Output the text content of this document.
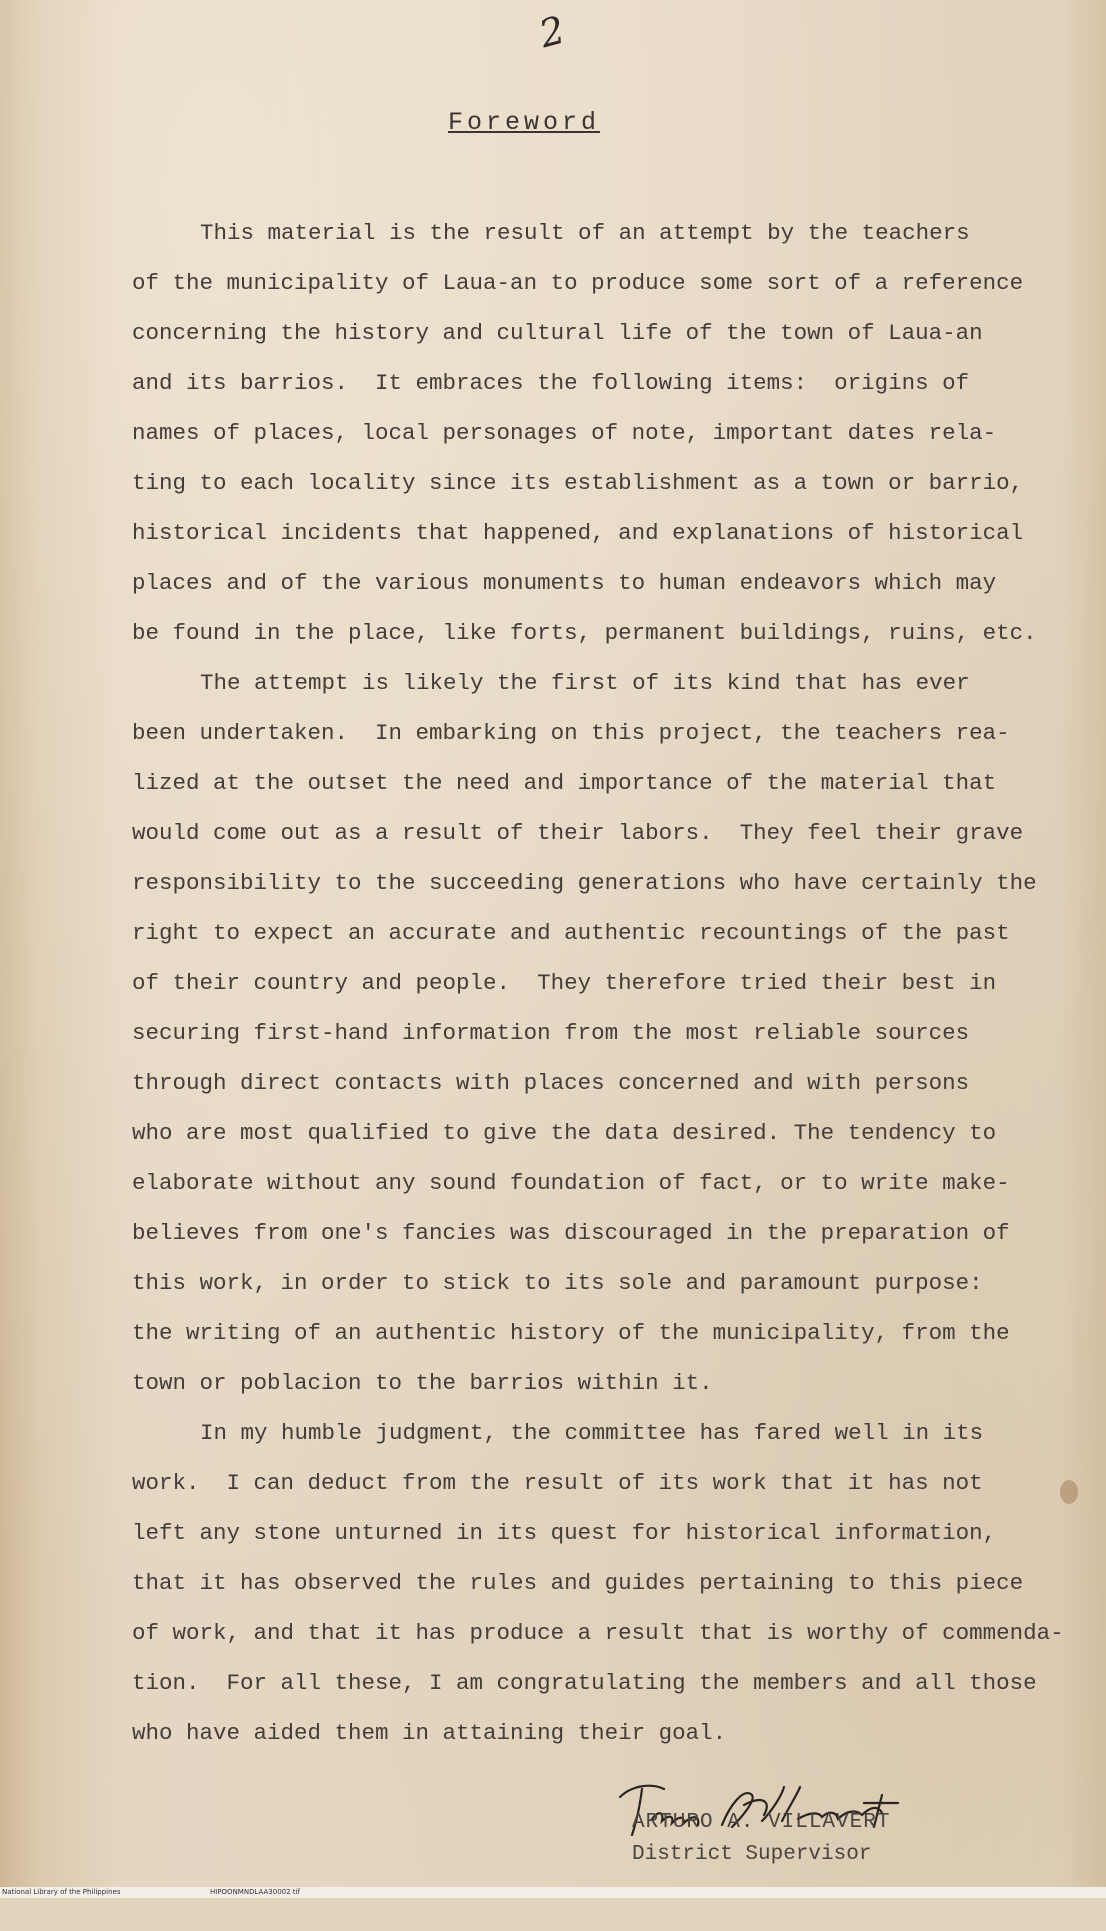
2
Foreword
This material is the result of an attempt by the teachers
of the municipality of Laua-an to produce some sort of a reference
concerning the history and cultural life of the town of Laua-an
and its barrios.  It embraces the following items:  origins of
names of places, local personages of note, important dates rela-
ting to each locality since its establishment as a town or barrio,
historical incidents that happened, and explanations of historical
places and of the various monuments to human endeavors which may
be found in the place, like forts, permanent buildings, ruins, etc.
The attempt is likely the first of its kind that has ever
been undertaken.  In embarking on this project, the teachers rea-
lized at the outset the need and importance of the material that
would come out as a result of their labors.  They feel their grave
responsibility to the succeeding generations who have certainly the
right to expect an accurate and authentic recountings of the past
of their country and people.  They therefore tried their best in
securing first-hand information from the most reliable sources
through direct contacts with places concerned and with persons
who are most qualified to give the data desired. The tendency to
elaborate without any sound foundation of fact, or to write make-
believes from one's fancies was discouraged in the preparation of
this work, in order to stick to its sole and paramount purpose:
the writing of an authentic history of the municipality, from the
town or poblacion to the barrios within it.
In my humble judgment, the committee has fared well in its
work.  I can deduct from the result of its work that it has not
left any stone unturned in its quest for historical information,
that it has observed the rules and guides pertaining to this piece
of work, and that it has produce a result that is worthy of commenda-
tion.  For all these, I am congratulating the members and all those
who have aided them in attaining their goal.
ARTURO A. VILLAVERT
District Supervisor

National Library of the Philippines

	HIPOONMNDLAA30002 tif
